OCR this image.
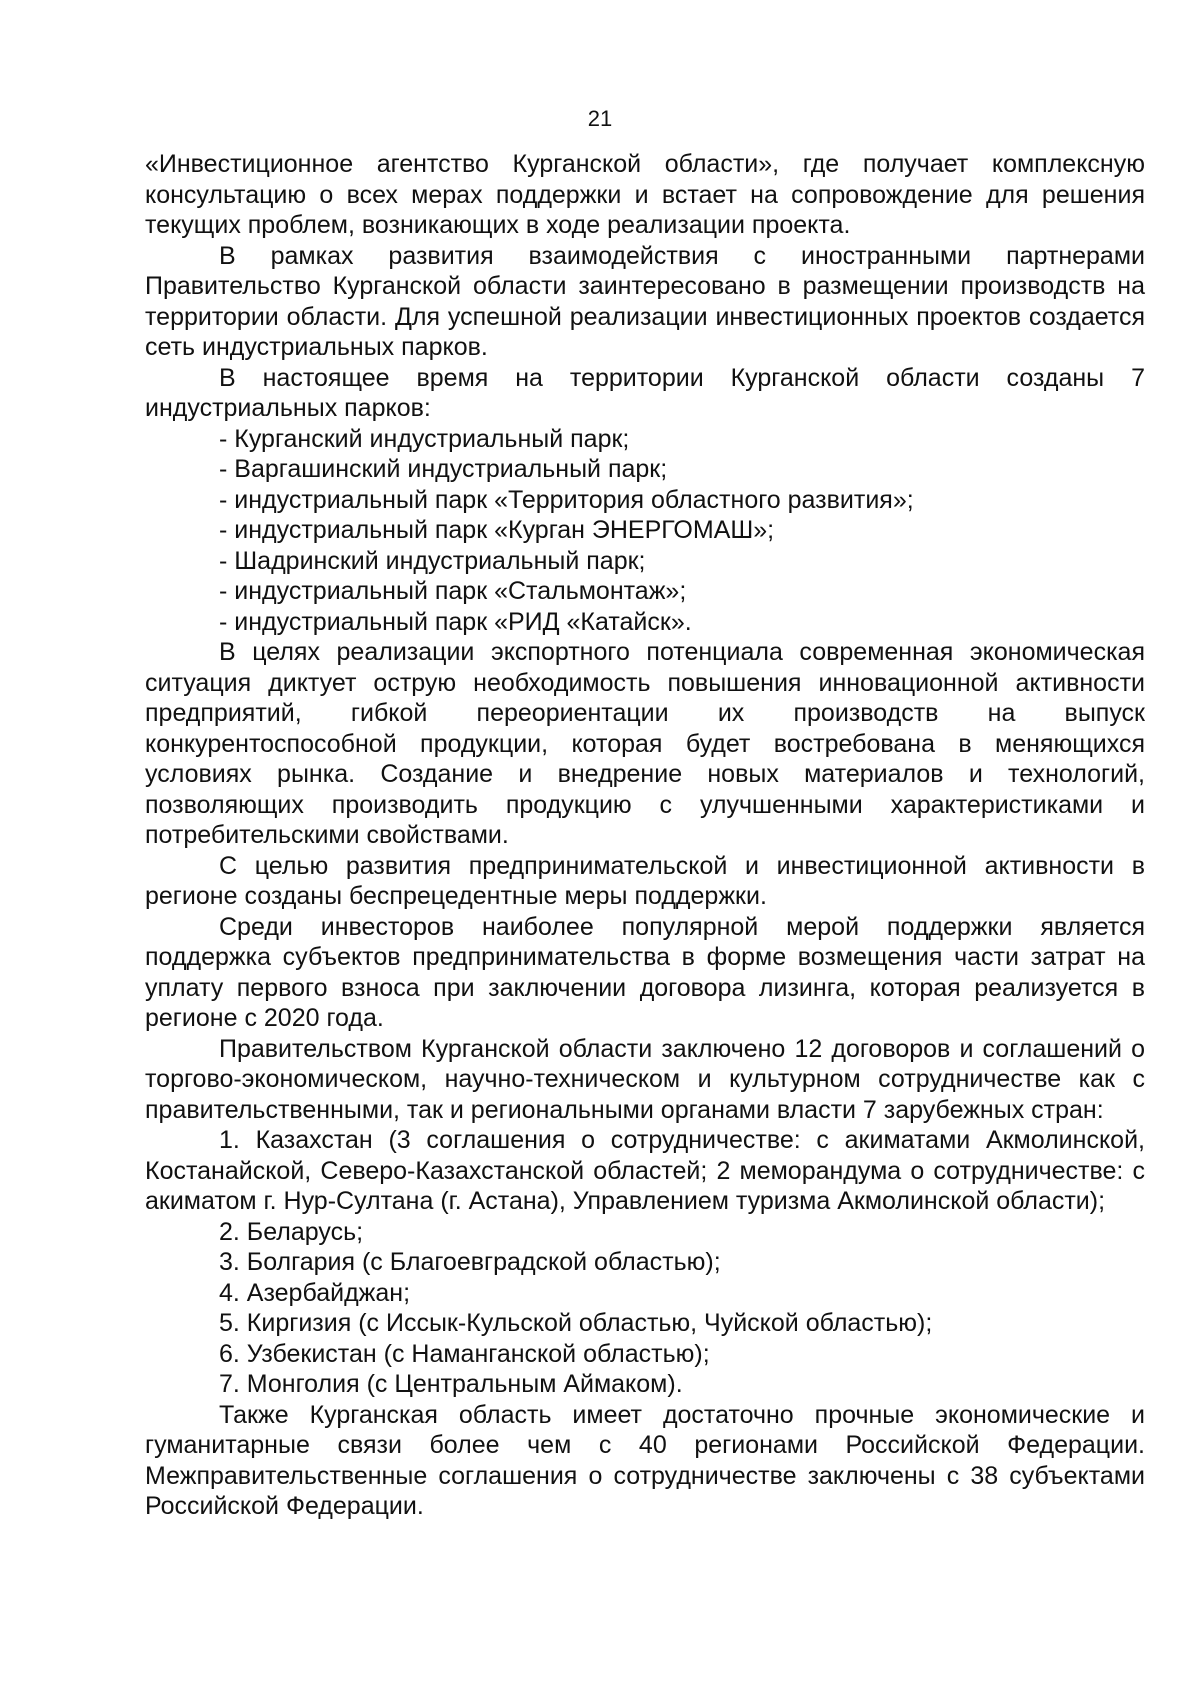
21

«Инвестиционное агентство Курганской области», где получает комплексную консультацию о всех мерах поддержки и встает на сопровождение для решения текущих проблем, возникающих в ходе реализации проекта.

В рамках развития взаимодействия с иностранными партнерами Правительство Курганской области заинтересовано в размещении производств на территории области. Для успешной реализации инвестиционных проектов создается сеть индустриальных парков.

В настоящее время на территории Курганской области созданы 7 индустриальных парков:

- Курганский индустриальный парк;

- Варгашинский индустриальный парк;

- индустриальный парк «Территория областного развития»;

- индустриальный парк «Курган ЭНЕРГОМАШ»;

- Шадринский индустриальный парк;

- индустриальный парк «Стальмонтаж»;

- индустриальный парк «РИД «Катайск».

В целях реализации экспортного потенциала современная экономическая ситуация диктует острую необходимость повышения инновационной активности предприятий, гибкой переориентации их производств на выпуск конкурентоспособной продукции, которая будет востребована в меняющихся условиях рынка. Создание и внедрение новых материалов и технологий, позволяющих производить продукцию с улучшенными характеристиками и потребительскими свойствами.

С целью развития предпринимательской и инвестиционной активности в регионе созданы беспрецедентные меры поддержки.

Среди инвесторов наиболее популярной мерой поддержки является поддержка субъектов предпринимательства в форме возмещения части затрат на уплату первого взноса при заключении договора лизинга, которая реализуется в регионе с 2020 года.

Правительством Курганской области заключено 12 договоров и соглашений о торгово-экономическом, научно-техническом и культурном сотрудничестве как с правительственными, так и региональными органами власти 7 зарубежных стран:

1. Казахстан (3 соглашения о сотрудничестве: с акиматами Акмолинской, Костанайской, Северо-Казахстанской областей; 2 меморандума о сотрудничестве: с акиматом г. Нур-Султана (г. Астана), Управлением туризма Акмолинской области);

2. Беларусь;

3. Болгария (с Благоевградской областью);

4. Азербайджан;

5. Киргизия (с Иссык-Кульской областью, Чуйской областью);

6. Узбекистан (с Наманганской областью);

7. Монголия (с Центральным Аймаком).

Также Курганская область имеет достаточно прочные экономические и гуманитарные связи более чем с 40 регионами Российской Федерации. Межправительственные соглашения о сотрудничестве заключены с 38 субъектами Российской Федерации.
